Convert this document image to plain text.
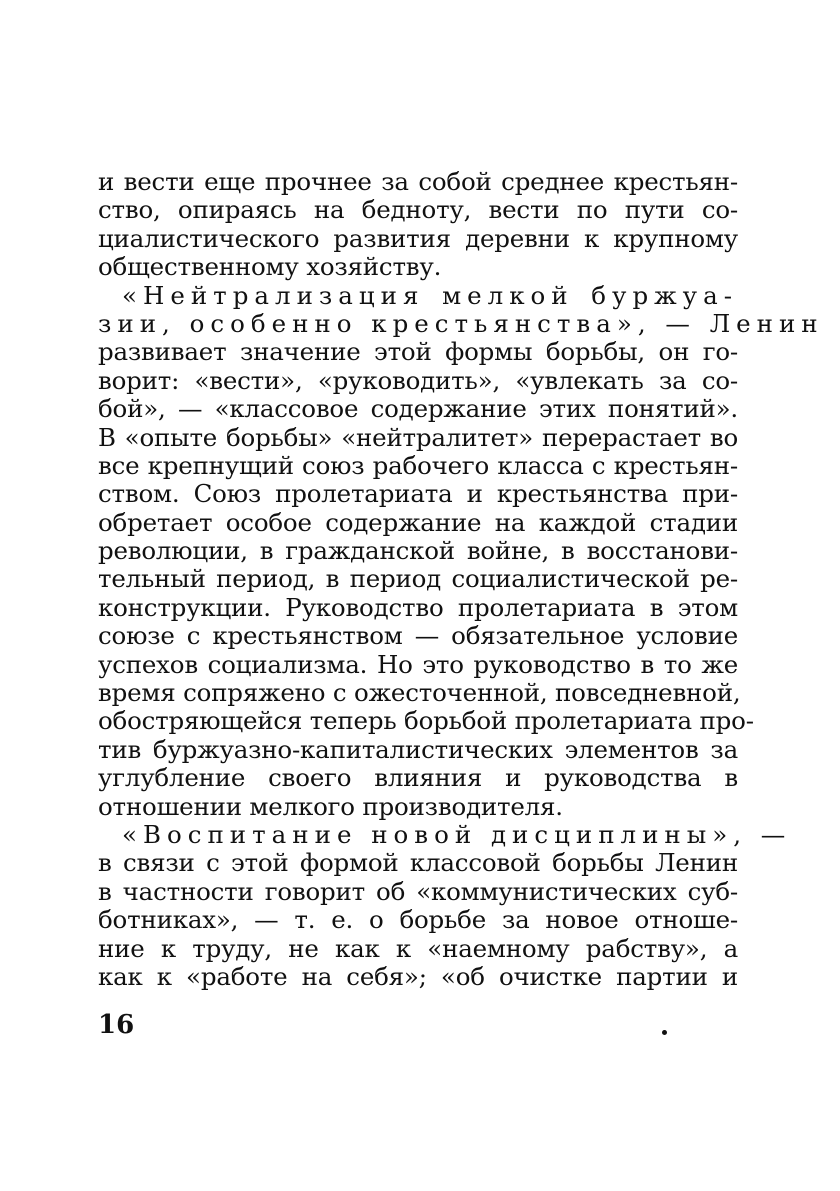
и вести еще прочнее за собой среднее крестьян-
ство, опираясь на бедноту, вести по пути со-
циалистического развития деревни к крупному
общественному хозяйству.
«Нейтрализация мелкой буржуа-
зии, особенно крестьянства», — Ленин
развивает значение этой формы борьбы, он го-
ворит: «вести», «руководить», «увлекать за со-
бой», — «классовое содержание этих понятий».
В «опыте борьбы» «нейтралитет» перерастает во
все крепнущий союз рабочего класса с крестьян-
ством. Союз пролетариата и крестьянства при-
обретает особое содержание на каждой стадии
революции, в гражданской войне, в восстанови-
тельный период, в период социалистической ре-
конструкции. Руководство пролетариата в этом
союзе с крестьянством — обязательное условие
успехов социализма. Но это руководство в то же
время сопряжено с ожесточенной, повседневной,
обостряющейся теперь борьбой пролетариата про-
тив буржуазно-капиталистических элементов за
углубление своего влияния и руководства в
отношении мелкого производителя.
«Воспитание новой дисциплины», —
в связи с этой формой классовой борьбы Ленин
в частности говорит об «коммунистических суб-
ботниках», — т. е. о борьбе за новое отноше-
ние к труду, не как к «наемному рабству», а
как к «работе на себя»; «об очистке партии и
16
